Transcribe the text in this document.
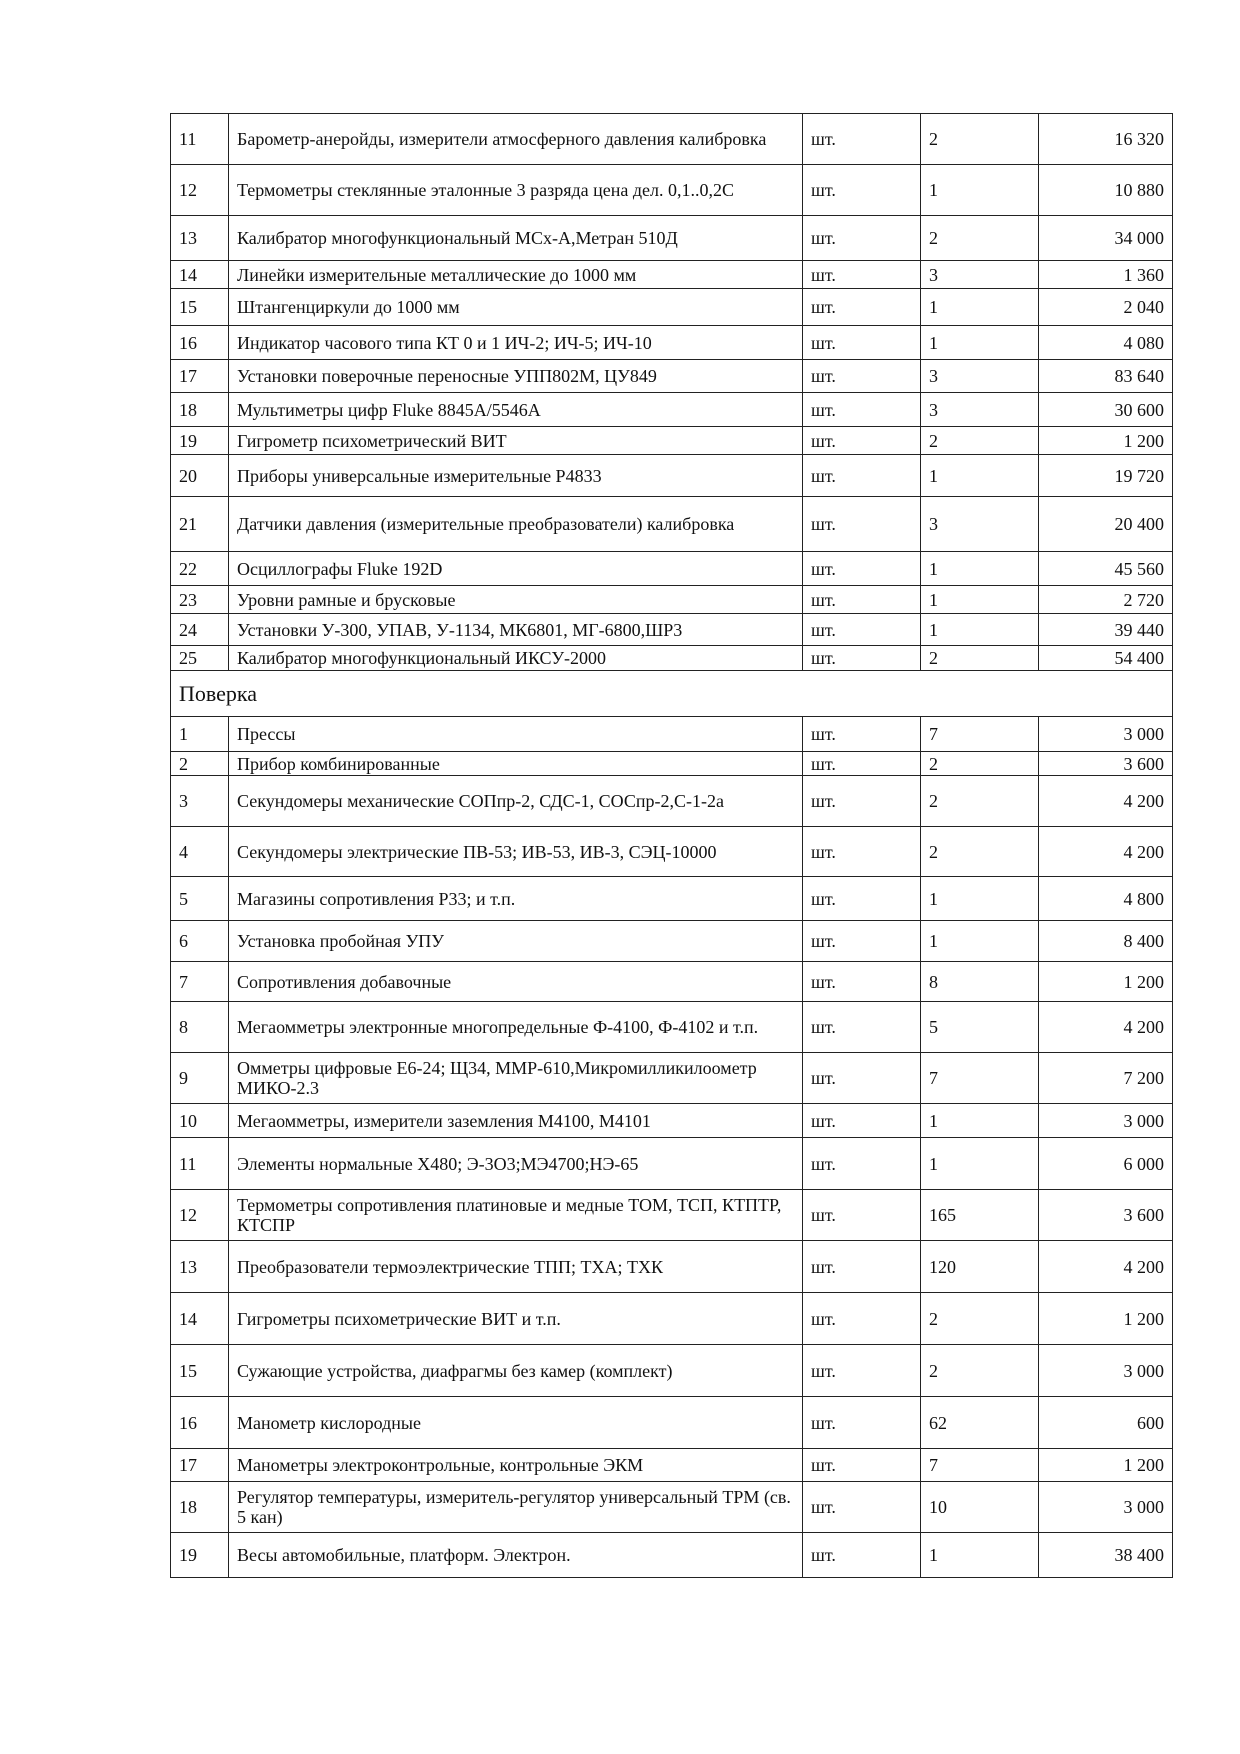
11	Барометр-анеройды, измерители атмосферного давления калибровка	шт.	2	16 320
12	Термометры стеклянные эталонные 3 разряда цена дел. 0,1..0,2С	шт.	1	10 880
13	Калибратор многофункциональный МСх-А,Метран 510Д	шт.	2	34 000
14	Линейки измерительные металлические до 1000 мм	шт.	3	1 360
15	Штангенциркули до 1000 мм	шт.	1	2 040
16	Индикатор часового типа КТ 0 и 1 ИЧ-2; ИЧ-5; ИЧ-10	шт.	1	4 080
17	Установки поверочные переносные УПП802М, ЦУ849	шт.	3	83 640
18	Мультиметры цифр Fluke 8845А/5546А	шт.	3	30 600
19	Гигрометр психометрический ВИТ	шт.	2	1 200
20	Приборы универсальные измерительные Р4833	шт.	1	19 720
21	Датчики давления (измерительные преобразователи) калибровка	шт.	3	20 400
22	Осциллографы Fluke 192D	шт.	1	45 560
23	Уровни рамные и брусковые	шт.	1	2 720
24	Установки У-300, УПАВ, У-1134, МК6801, МГ-6800,ШР3	шт.	1	39 440
25	Калибратор многофункциональный ИКСУ-2000	шт.	2	54 400
Поверка				
1	Прессы	шт.	7	3 000
2	Прибор комбинированные	шт.	2	3 600
3	Секундомеры механические СОПпр-2, СДС-1, СОСпр-2,С-1-2а	шт.	2	4 200
4	Секундомеры электрические ПВ-53; ИВ-53, ИВ-3, СЭЦ-10000	шт.	2	4 200
5	Магазины сопротивления Р33; и т.п.	шт.	1	4 800
6	Установка пробойная УПУ	шт.	1	8 400
7	Сопротивления добавочные	шт.	8	1 200
8	Мегаомметры электронные многопредельные Ф-4100, Ф-4102 и т.п.	шт.	5	4 200
9	Омметры цифровые Е6-24; Щ34, ММР-610,Микромилликилоометр МИКО-2.3	шт.	7	7 200
10	Мегаомметры, измерители заземления М4100, М4101	шт.	1	3 000
11	Элементы нормальные Х480; Э-3О3;МЭ4700;НЭ-65	шт.	1	6 000
12	Термометры сопротивления платиновые и медные ТОМ, ТСП, КТПТР, КТСПР	шт.	165	3 600
13	Преобразователи термоэлектрические ТПП; ТХА; ТХК	шт.	120	4 200
14	Гигрометры психометрические ВИТ и т.п.	шт.	2	1 200
15	Сужающие устройства, диафрагмы без камер (комплект)	шт.	2	3 000
16	Манометр кислородные	шт.	62	600
17	Манометры электроконтрольные, контрольные ЭКМ	шт.	7	1 200
18	Регулятор температуры, измеритель-регулятор универсальный ТРМ (св. 5 кан)	шт.	10	3 000
19	Весы автомобильные, платформ. Электрон.	шт.	1	38 400
